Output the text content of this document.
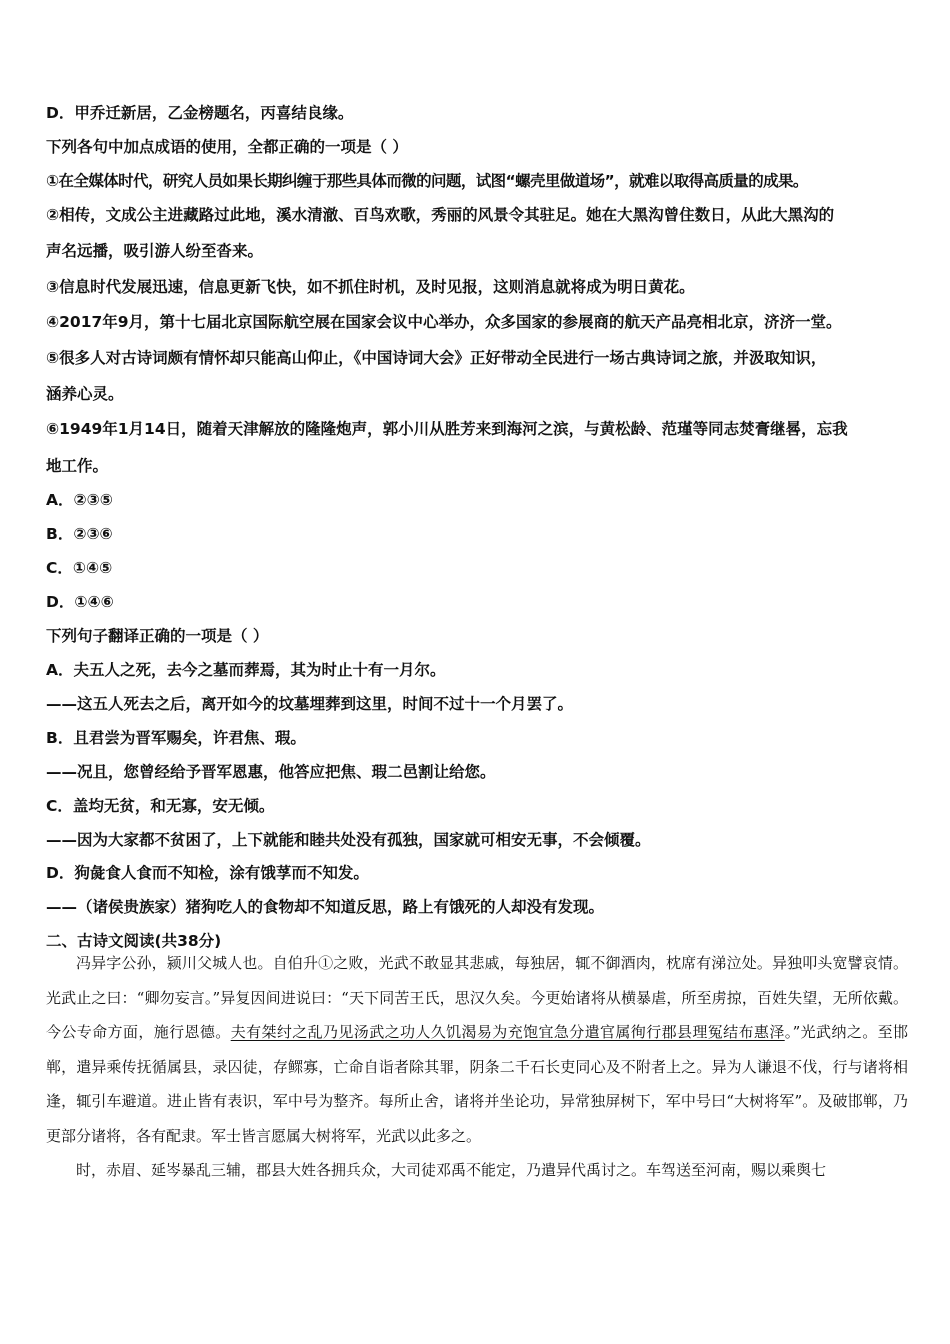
D．甲乔迁新居，乙金榜题名，丙喜结良缘。
下列各句中加点成语的使用，全都正确的一项是（ ）
①在全媒体时代，研究人员如果长期纠缠于那些具体而微的问题，试图“螺壳里做道场”，就难以取得高质量的成果。
②相传，文成公主进藏路过此地，溪水清澈、百鸟欢歌，秀丽的风景令其驻足。她在大黑沟曾住数日，从此大黑沟的
声名远播，吸引游人纷至沓来。
③信息时代发展迅速，信息更新飞快，如不抓住时机，及时见报，这则消息就将成为明日黄花。
④2017年9月，第十七届北京国际航空展在国家会议中心举办，众多国家的参展商的航天产品亮相北京，济济一堂。
⑤很多人对古诗词颇有情怀却只能高山仰止，《中国诗词大会》正好带动全民进行一场古典诗词之旅，并汲取知识，
涵养心灵。
⑥1949年1月14日，随着天津解放的隆隆炮声，郭小川从胜芳来到海河之滨，与黄松龄、范瑾等同志焚膏继晷，忘我
地工作。
A．②③⑤
B．②③⑥
C．①④⑤
D．①④⑥
下列句子翻译正确的一项是（ ）
A．夫五人之死，去今之墓而葬焉，其为时止十有一月尔。
——这五人死去之后，离开如今的坟墓埋葬到这里，时间不过十一个月罢了。
B．且君尝为晋军赐矣，许君焦、瑕。
——况且，您曾经给予晋军恩惠，他答应把焦、瑕二邑割让给您。
C．盖均无贫，和无寡，安无倾。
——因为大家都不贫困了，上下就能和睦共处没有孤独，国家就可相安无事，不会倾覆。
D．狗彘食人食而不知检，涂有饿莩而不知发。
——（诸侯贵族家）猪狗吃人的食物却不知道反思，路上有饿死的人却没有发现。
二、古诗文阅读(共38分)

冯异字公孙，颍川父城人也。自伯升①之败，光武不敢显其悲戚，每独居，辄不御酒肉，枕席有涕泣处。异独叩头宽譬哀情。光武止之曰：“卿勿妄言。”异复因间进说曰：“天下同苦王氏，思汉久矣。今更始诸将从横暴虐，所至虏掠，百姓失望，无所依戴。今公专命方面，施行恩德。夫有桀纣之乱乃见汤武之功人久饥渴易为充饱宜急分遣官属徇行郡县理冤结布惠泽。”光武纳之。至邯郸，遣异乘传抚循属县，录囚徒，存鳏寡，亡命自诣者除其罪，阴条二千石长吏同心及不附者上之。异为人谦退不伐，行与诸将相逢，辄引车避道。进止皆有表识，军中号为整齐。每所止舍，诸将并坐论功，异常独屏树下，军中号曰“大树将军”。及破邯郸，乃更部分诸将，各有配隶。军士皆言愿属大树将军，光武以此多之。

时，赤眉、延岑暴乱三辅，郡县大姓各拥兵众，大司徒邓禹不能定，乃遣异代禹讨之。车驾送至河南，赐以乘舆七
